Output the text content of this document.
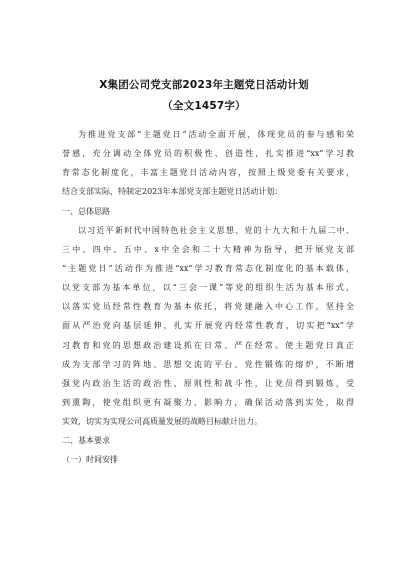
X集团公司党支部2023年主题党日活动计划
（全文1457字）
为推进党支部“主题党日”活动全面开展，体现党员的参与感和荣
誉感，充分调动全体党员的积极性、创造性，扎实推进“xx”学习教
育常态化制度化，丰富主题党日活动内容，按照上级党委有关要求，
结合支部实际，特制定2023年本部党支部主题党日活动计划：
一、总体思路
以习近平新时代中国特色社会主义思想、党的十九大和十九届二中、
三中、四中、五中、x中全会和二十大精神为指导，把开展党支部
“主题党日”活动作为推进“xx”学习教育常态化制度化的基本载体，
以党支部为基本单位，以“三会一课”等党的组织生活为基本形式，
以落实党员经常性教育为基本依托，将党建融入中心工作，坚持全
面从严治党向基层延伸，扎实开展党内经常性教育，切实把“xx”学
习教育和党的思想政治建设抓在日常、严在经常。使主题党日真正
成为支部学习的阵地、思想交流的平台、党性锻炼的熔炉，不断增
强党内政治生活的政治性、原则性和战斗性，让党员得到锻炼，受
到熏陶，使党组织更有凝聚力、影响力，确保活动落到实处，取得
实效，切实为实现公司高质量发展的战略目标献计出力。
二、基本要求
（一）时间安排
